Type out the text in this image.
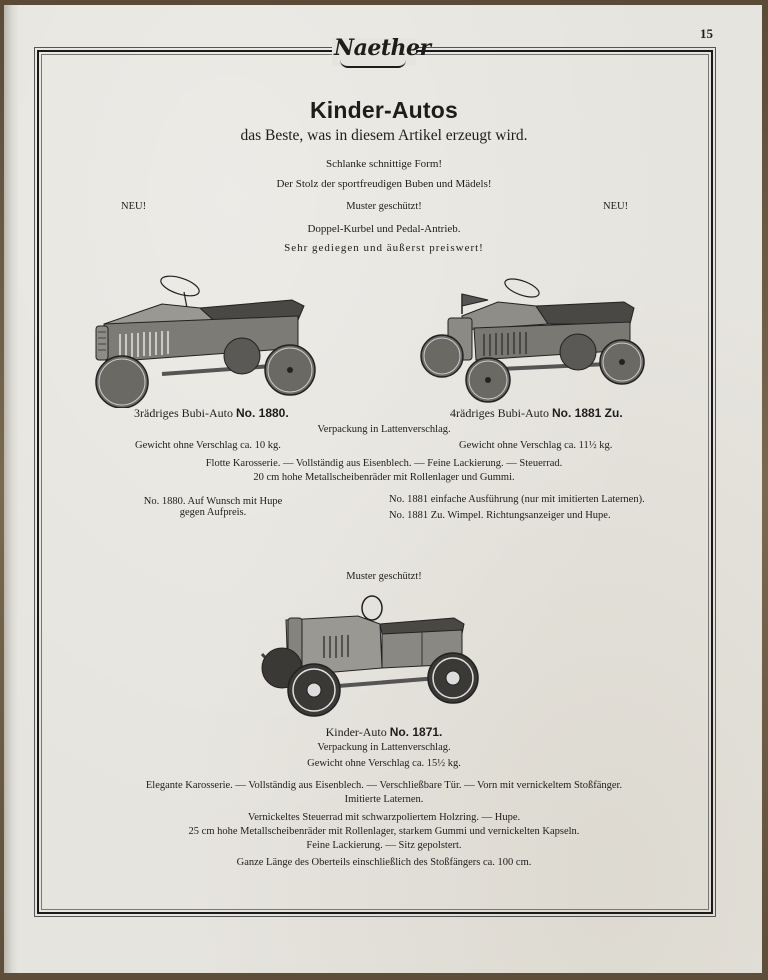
15
Naether
Kinder-Autos
das Beste, was in diesem Artikel erzeugt wird.
Schlanke schnittige Form!
Der Stolz der sportfreudigen Buben und Mädels!
NEU!	Muster geschützt!	NEU!
Doppel-Kurbel und Pedal-Antrieb.
Sehr gediegen und äußerst preiswert!
3rädriges Bubi-Auto No. 1880.	4rädriges Bubi-Auto No. 1881 Zu.
Verpackung in Lattenverschlag.
Gewicht ohne Verschlag ca. 10 kg.	Gewicht ohne Verschlag ca. 11½ kg.
Flotte Karosserie. — Vollständig aus Eisenblech. — Feine Lackierung. — Steuerrad.
20 cm hohe Metallscheibenräder mit Rollenlager und Gummi.
No. 1880. Auf Wunsch mit Hupe
gegen Aufpreis.
No. 1881 einfache Ausführung (nur mit imitierten Laternen).
No. 1881 Zu. Wimpel. Richtungsanzeiger und Hupe.
Muster geschützt!
Kinder-Auto No. 1871.
Verpackung in Lattenverschlag.
Gewicht ohne Verschlag ca. 15½ kg.
Elegante Karosserie. — Vollständig aus Eisenblech. — Verschließbare Tür. — Vorn mit vernickeltem Stoßfänger.
Imitierte Laternen.
Vernickeltes Steuerrad mit schwarzpoliertem Holzring. — Hupe.
25 cm hohe Metallscheibenräder mit Rollenlager, starkem Gummi und vernickelten Kapseln.
Feine Lackierung. — Sitz gepolstert.
Ganze Länge des Oberteils einschließlich des Stoßfängers ca. 100 cm.
